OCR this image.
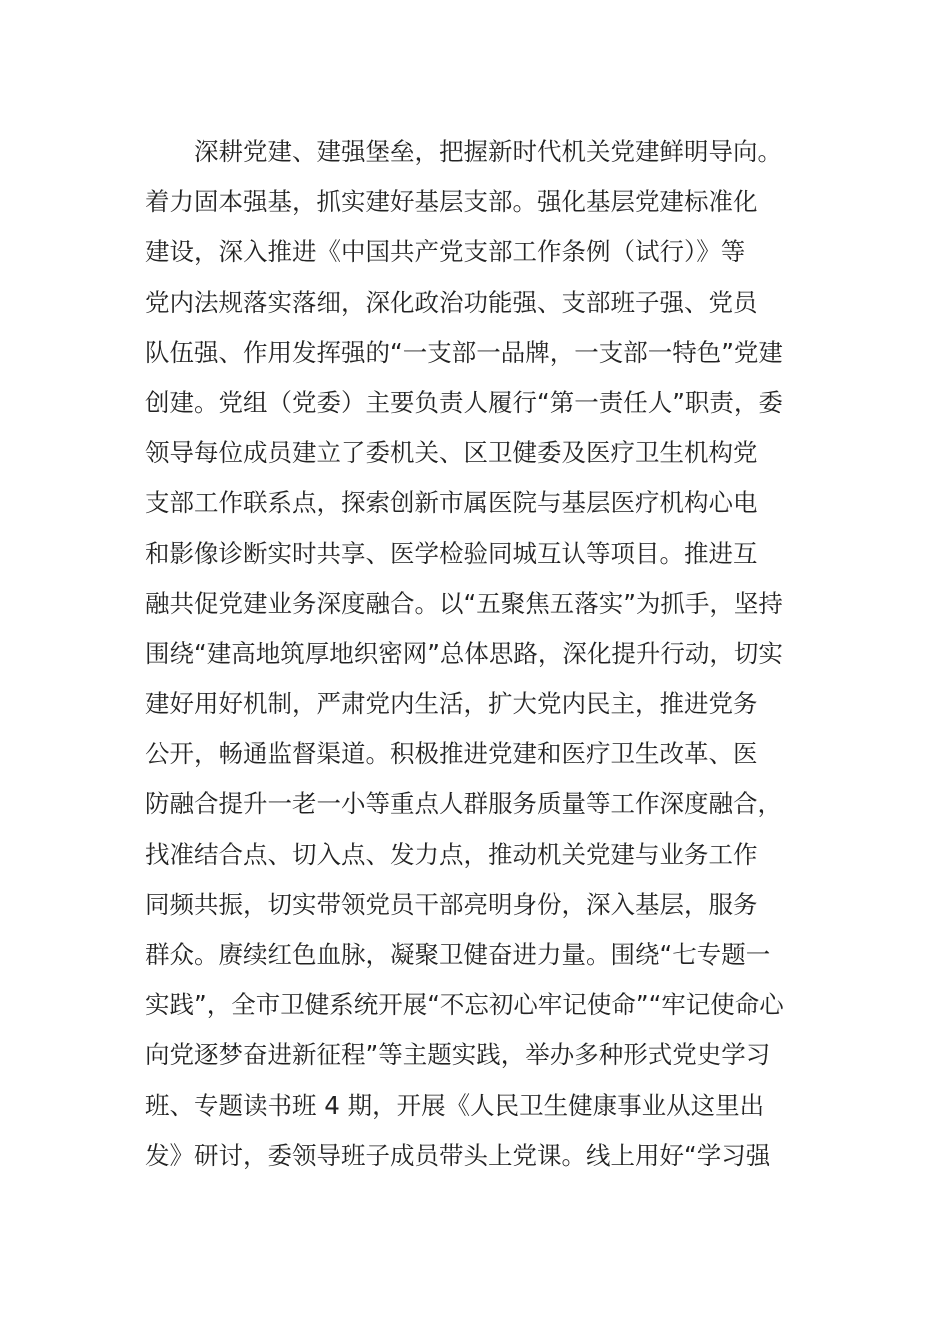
深耕党建、建强堡垒，把握新时代机关党建鲜明导向。
着力固本强基，抓实建好基层支部。强化基层党建标准化
建设，深入推进《中国共产党支部工作条例（试行）》等
党内法规落实落细，深化政治功能强、支部班子强、党员
队伍强、作用发挥强的“一支部一品牌，一支部一特色”党建
创建。党组（党委）主要负责人履行“第一责任人”职责，委
领导每位成员建立了委机关、区卫健委及医疗卫生机构党
支部工作联系点，探索创新市属医院与基层医疗机构心电
和影像诊断实时共享、医学检验同城互认等项目。推进互
融共促党建业务深度融合。以“五聚焦五落实”为抓手，坚持
围绕“建高地筑厚地织密网”总体思路，深化提升行动，切实
建好用好机制，严肃党内生活，扩大党内民主，推进党务
公开，畅通监督渠道。积极推进党建和医疗卫生改革、医
防融合提升一老一小等重点人群服务质量等工作深度融合，
找准结合点、切入点、发力点，推动机关党建与业务工作
同频共振，切实带领党员干部亮明身份，深入基层，服务
群众。赓续红色血脉，凝聚卫健奋进力量。围绕“七专题一
实践”，全市卫健系统开展“不忘初心牢记使命”“牢记使命心
向党逐梦奋进新征程”等主题实践，举办多种形式党史学习
班、专题读书班 4 期，开展《人民卫生健康事业从这里出
发》研讨，委领导班子成员带头上党课。线上用好“学习强
